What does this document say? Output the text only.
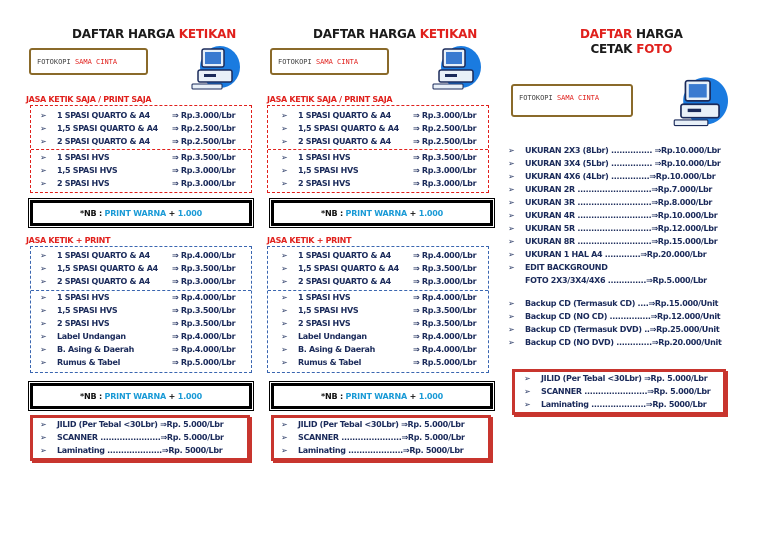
DAFTAR HARGA KETIKAN
FOTOKOPI SAMA CINTA
JASA KETIK SAJA / PRINT SAJA
*NB : PRINT WARNA + 1.000
JASA KETIK + PRINT
*NB : PRINT WARNA + 1.000
DAFTAR HARGA KETIKAN
FOTOKOPI SAMA CINTA
JASA KETIK SAJA / PRINT SAJA
*NB : PRINT WARNA + 1.000
JASA KETIK + PRINT
*NB : PRINT WARNA + 1.000
DAFTAR HARGA
CETAK FOTO
FOTOKOPI SAMA CINTA
➢	1 SPASI QUARTO & A4	⇒ Rp.3.000/Lbr
➢	1,5 SPASI QUARTO & A4 ⇒ Rp.2.500/Lbr
➢	2 SPASI QUARTO & A4	⇒ Rp.2.500/Lbr
➢	1 SPASI HVS	⇒ Rp.3.500/Lbr
➢	1,5 SPASI HVS	⇒ Rp.3.000/Lbr
➢	2 SPASI HVS	⇒ Rp.3.000/Lbr
➢	1 SPASI QUARTO & A4	⇒ Rp.4.000/Lbr
➢	1,5 SPASI QUARTO & A4 ⇒ Rp.3.500/Lbr
➢	2 SPASI QUARTO & A4	⇒ Rp.3.000/Lbr
➢	1 SPASI HVS	⇒ Rp.4.000/Lbr
➢	1,5 SPASI HVS	⇒ Rp.3.500/Lbr
➢	2 SPASI HVS	⇒ Rp.3.500/Lbr
➢	Label Undangan	⇒ Rp.4.000/Lbr
➢	B. Asing & Daerah	⇒ Rp.4.000/Lbr
➢	Rumus & Tabel	⇒ Rp.5.000/Lbr
➢ JILID (Per Tebal <30Lbr) ⇒Rp. 5.000/Lbr
➢ SCANNER ......................⇒Rp. 5.000/Lbr
➢ Laminating ....................⇒Rp. 5000/Lbr
➢	1 SPASI QUARTO & A4	⇒ Rp.3.000/Lbr
➢	1,5 SPASI QUARTO & A4 ⇒ Rp.2.500/Lbr
➢	2 SPASI QUARTO & A4	⇒ Rp.2.500/Lbr
➢	1 SPASI HVS	⇒ Rp.3.500/Lbr
➢	1,5 SPASI HVS	⇒ Rp.3.000/Lbr
➢	2 SPASI HVS	⇒ Rp.3.000/Lbr
➢	1 SPASI QUARTO & A4	⇒ Rp.4.000/Lbr
➢	1,5 SPASI QUARTO & A4 ⇒ Rp.3.500/Lbr
➢	2 SPASI QUARTO & A4	⇒ Rp.3.000/Lbr
➢	1 SPASI HVS	⇒ Rp.4.000/Lbr
➢	1,5 SPASI HVS	⇒ Rp.3.500/Lbr
➢	2 SPASI HVS	⇒ Rp.3.500/Lbr
➢	Label Undangan	⇒ Rp.4.000/Lbr
➢	B. Asing & Daerah	⇒ Rp.4.000/Lbr
➢	Rumus & Tabel	⇒ Rp.5.000/Lbr
➢ JILID (Per Tebal <30Lbr) ⇒Rp. 5.000/Lbr
➢ SCANNER ......................⇒Rp. 5.000/Lbr
➢ Laminating ....................⇒Rp. 5000/Lbr
➢ UKURAN 2X3 (8Lbr) ............... ⇒Rp.10.000/Lbr
➢ UKURAN 3X4 (5Lbr) ............... ⇒Rp.10.000/Lbr
➢ UKURAN 4X6 (4Lbr) ..............⇒Rp.10.000/Lbr
➢ UKURAN 2R ...........................⇒Rp.7.000/Lbr
➢ UKURAN 3R ...........................⇒Rp.8.000/Lbr
➢ UKURAN 4R ...........................⇒Rp.10.000/Lbr
➢ UKURAN 5R ...........................⇒Rp.12.000/Lbr
➢ UKURAN 8R ...........................⇒Rp.15.000/Lbr
➢ UKURAN 1 HAL A4 .............⇒Rp.20.000/Lbr
➢ EDIT BACKGROUND
FOTO 2X3/3X4/4X6 ..............⇒Rp.5.000/Lbr
➢ Backup CD (Termasuk CD) ....⇒Rp.15.000/Unit
➢ Backup CD (NO CD) ...............⇒Rp.12.000/Unit
➢ Backup CD (Termasuk DVD) ..⇒Rp.25.000/Unit
➢ Backup CD (NO DVD) .............⇒Rp.20.000/Unit
➢ JILID (Per Tebal <30Lbr) ⇒Rp. 5.000/Lbr
➢ SCANNER .......................⇒Rp. 5.000/Lbr
➢ Laminating ....................⇒Rp. 5000/Lbr
